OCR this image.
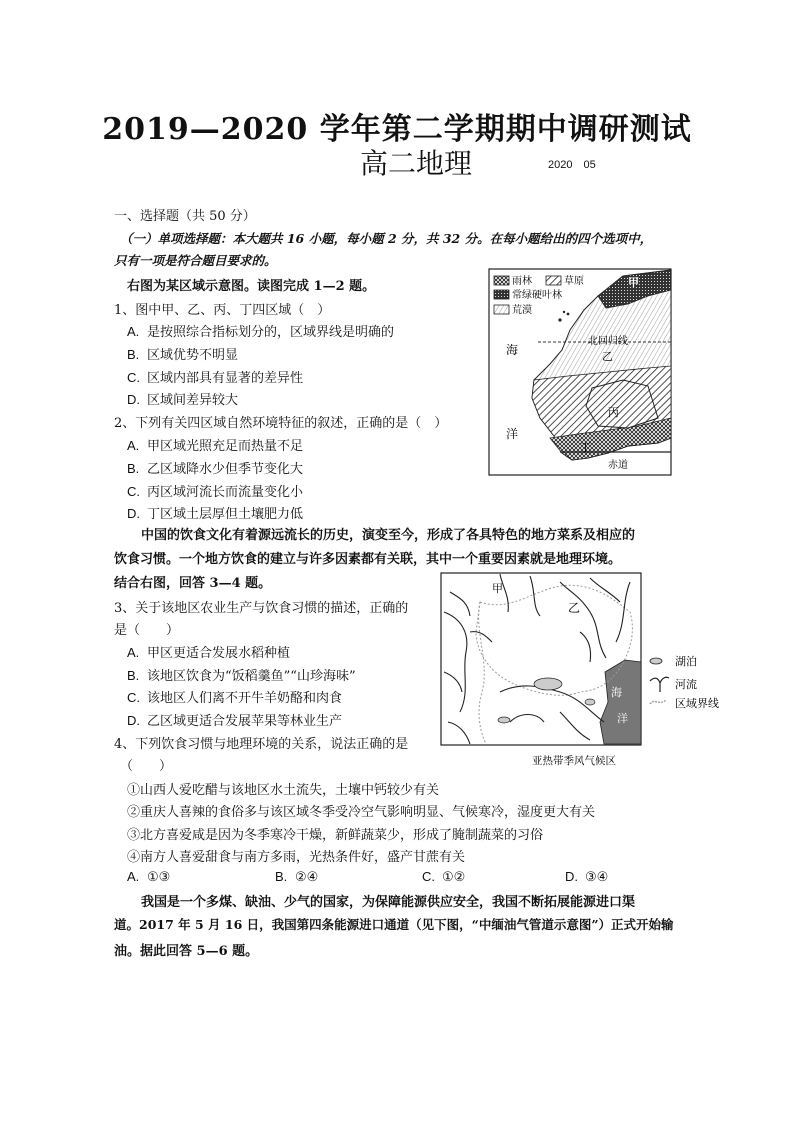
2019—2020 学年第二学期期中调研测试
高二地理	2020　05
一、选择题（共 50 分）
（一）单项选择题：本大题共 16 小题，每小题 2 分，共 32 分。在每小题给出的四个选项中，
只有一项是符合题目要求的。
右图为某区域示意图。读图完成 1—2 题。
1、图中甲、乙、丙、丁四区域（　）
A. 是按照综合指标划分的，区域界线是明确的
B. 区域优势不明显
C. 区域内部具有显著的差异性
D. 区域间差异较大
2、下列有关四区域自然环境特征的叙述，正确的是（　）
A. 甲区域光照充足而热量不足
B. 乙区域降水少但季节变化大
C. 丙区域河流长而流量变化小
D. 丁区域土层厚但土壤肥力低
雨林	草原
常绿硬叶林
荒漠
甲
北回归线
乙
丙
丁
海
洋
赤道
中国的饮食文化有着源远流长的历史，演变至今，形成了各具特色的地方菜系及相应的
饮食习惯。一个地方饮食的建立与许多因素都有关联，其中一个重要因素就是地理环境。
结合右图，回答 3—4 题。
3、关于该地区农业生产与饮食习惯的描述，正确的
是（　　）
A. 甲区更适合发展水稻种植
B. 该地区饮食为“饭稻羹鱼”“山珍海味”
C. 该地区人们离不开牛羊奶酪和肉食
D. 乙区域更适合发展苹果等林业生产
4、下列饮食习惯与地理环境的关系，说法正确的是
（　　）
①山西人爱吃醋与该地区水土流失，土壤中钙较少有关
②重庆人喜辣的食俗多与该区域冬季受冷空气影响明显、气候寒冷，湿度更大有关
③北方喜爱咸是因为冬季寒冷干燥，新鲜蔬菜少，形成了腌制蔬菜的习俗
④南方人喜爱甜食与南方多雨，光热条件好，盛产甘蔗有关
A. ①③	B. ②④	C. ①②	D. ③④
甲
乙
海
洋
湖泊
河流
区域界线
亚热带季风气候区
我国是一个多煤、缺油、少气的国家，为保障能源供应安全，我国不断拓展能源进口渠
道。2017 年 5 月 16 日，我国第四条能源进口通道（见下图，“中缅油气管道示意图”）正式开始输
油。据此回答 5—6 题。
